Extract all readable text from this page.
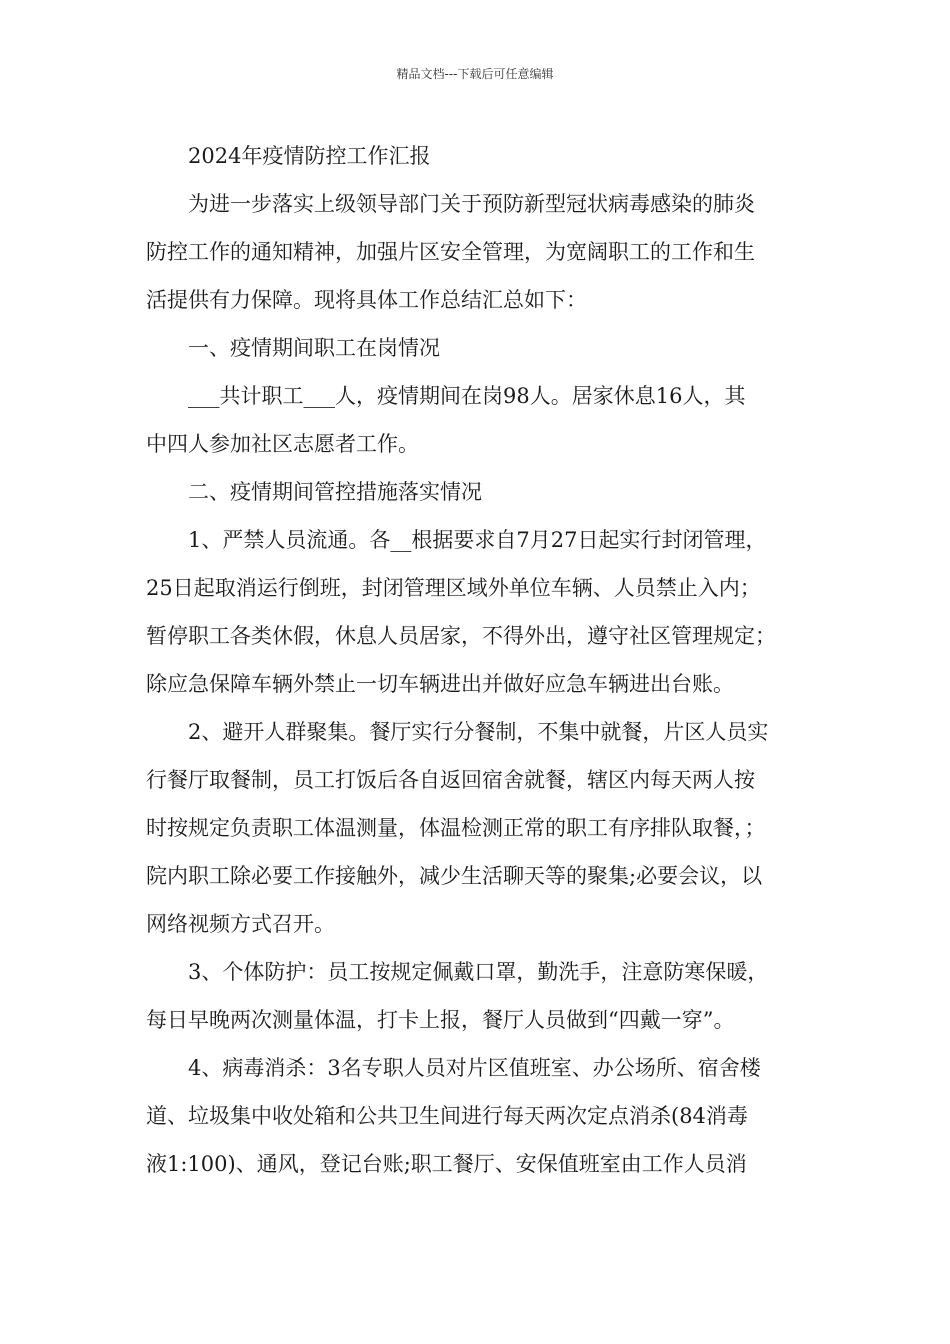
精品文档---下载后可任意编辑

2024年疫情防控工作汇报

为进一步落实上级领导部门关于预防新型冠状病毒感染的肺炎

防控工作的通知精神，加强片区安全管理，为宽阔职工的工作和生

活提供有力保障。现将具体工作总结汇总如下：

一、疫情期间职工在岗情况

___共计职工___人，疫情期间在岗98人。居家休息16人，其

中四人参加社区志愿者工作。

二、疫情期间管控措施落实情况

1、严禁人员流通。各__根据要求自7月27日起实行封闭管理，

25日起取消运行倒班，封闭管理区域外单位车辆、人员禁止入内；

暂停职工各类休假，休息人员居家，不得外出，遵守社区管理规定；

除应急保障车辆外禁止一切车辆进出并做好应急车辆进出台账。

2、避开人群聚集。餐厅实行分餐制，不集中就餐，片区人员实

行餐厅取餐制，员工打饭后各自返回宿舍就餐，辖区内每天两人按

时按规定负责职工体温测量，体温检测正常的职工有序排队取餐，；

院内职工除必要工作接触外，减少生活聊天等的聚集;必要会议，以

网络视频方式召开。

3、个体防护：员工按规定佩戴口罩，勤洗手，注意防寒保暖，

每日早晚两次测量体温，打卡上报，餐厅人员做到“四戴一穿”。

4、病毒消杀：3名专职人员对片区值班室、办公场所、宿舍楼

道、垃圾集中收处箱和公共卫生间进行每天两次定点消杀(84消毒

液1:100)、通风，登记台账;职工餐厅、安保值班室由工作人员消
